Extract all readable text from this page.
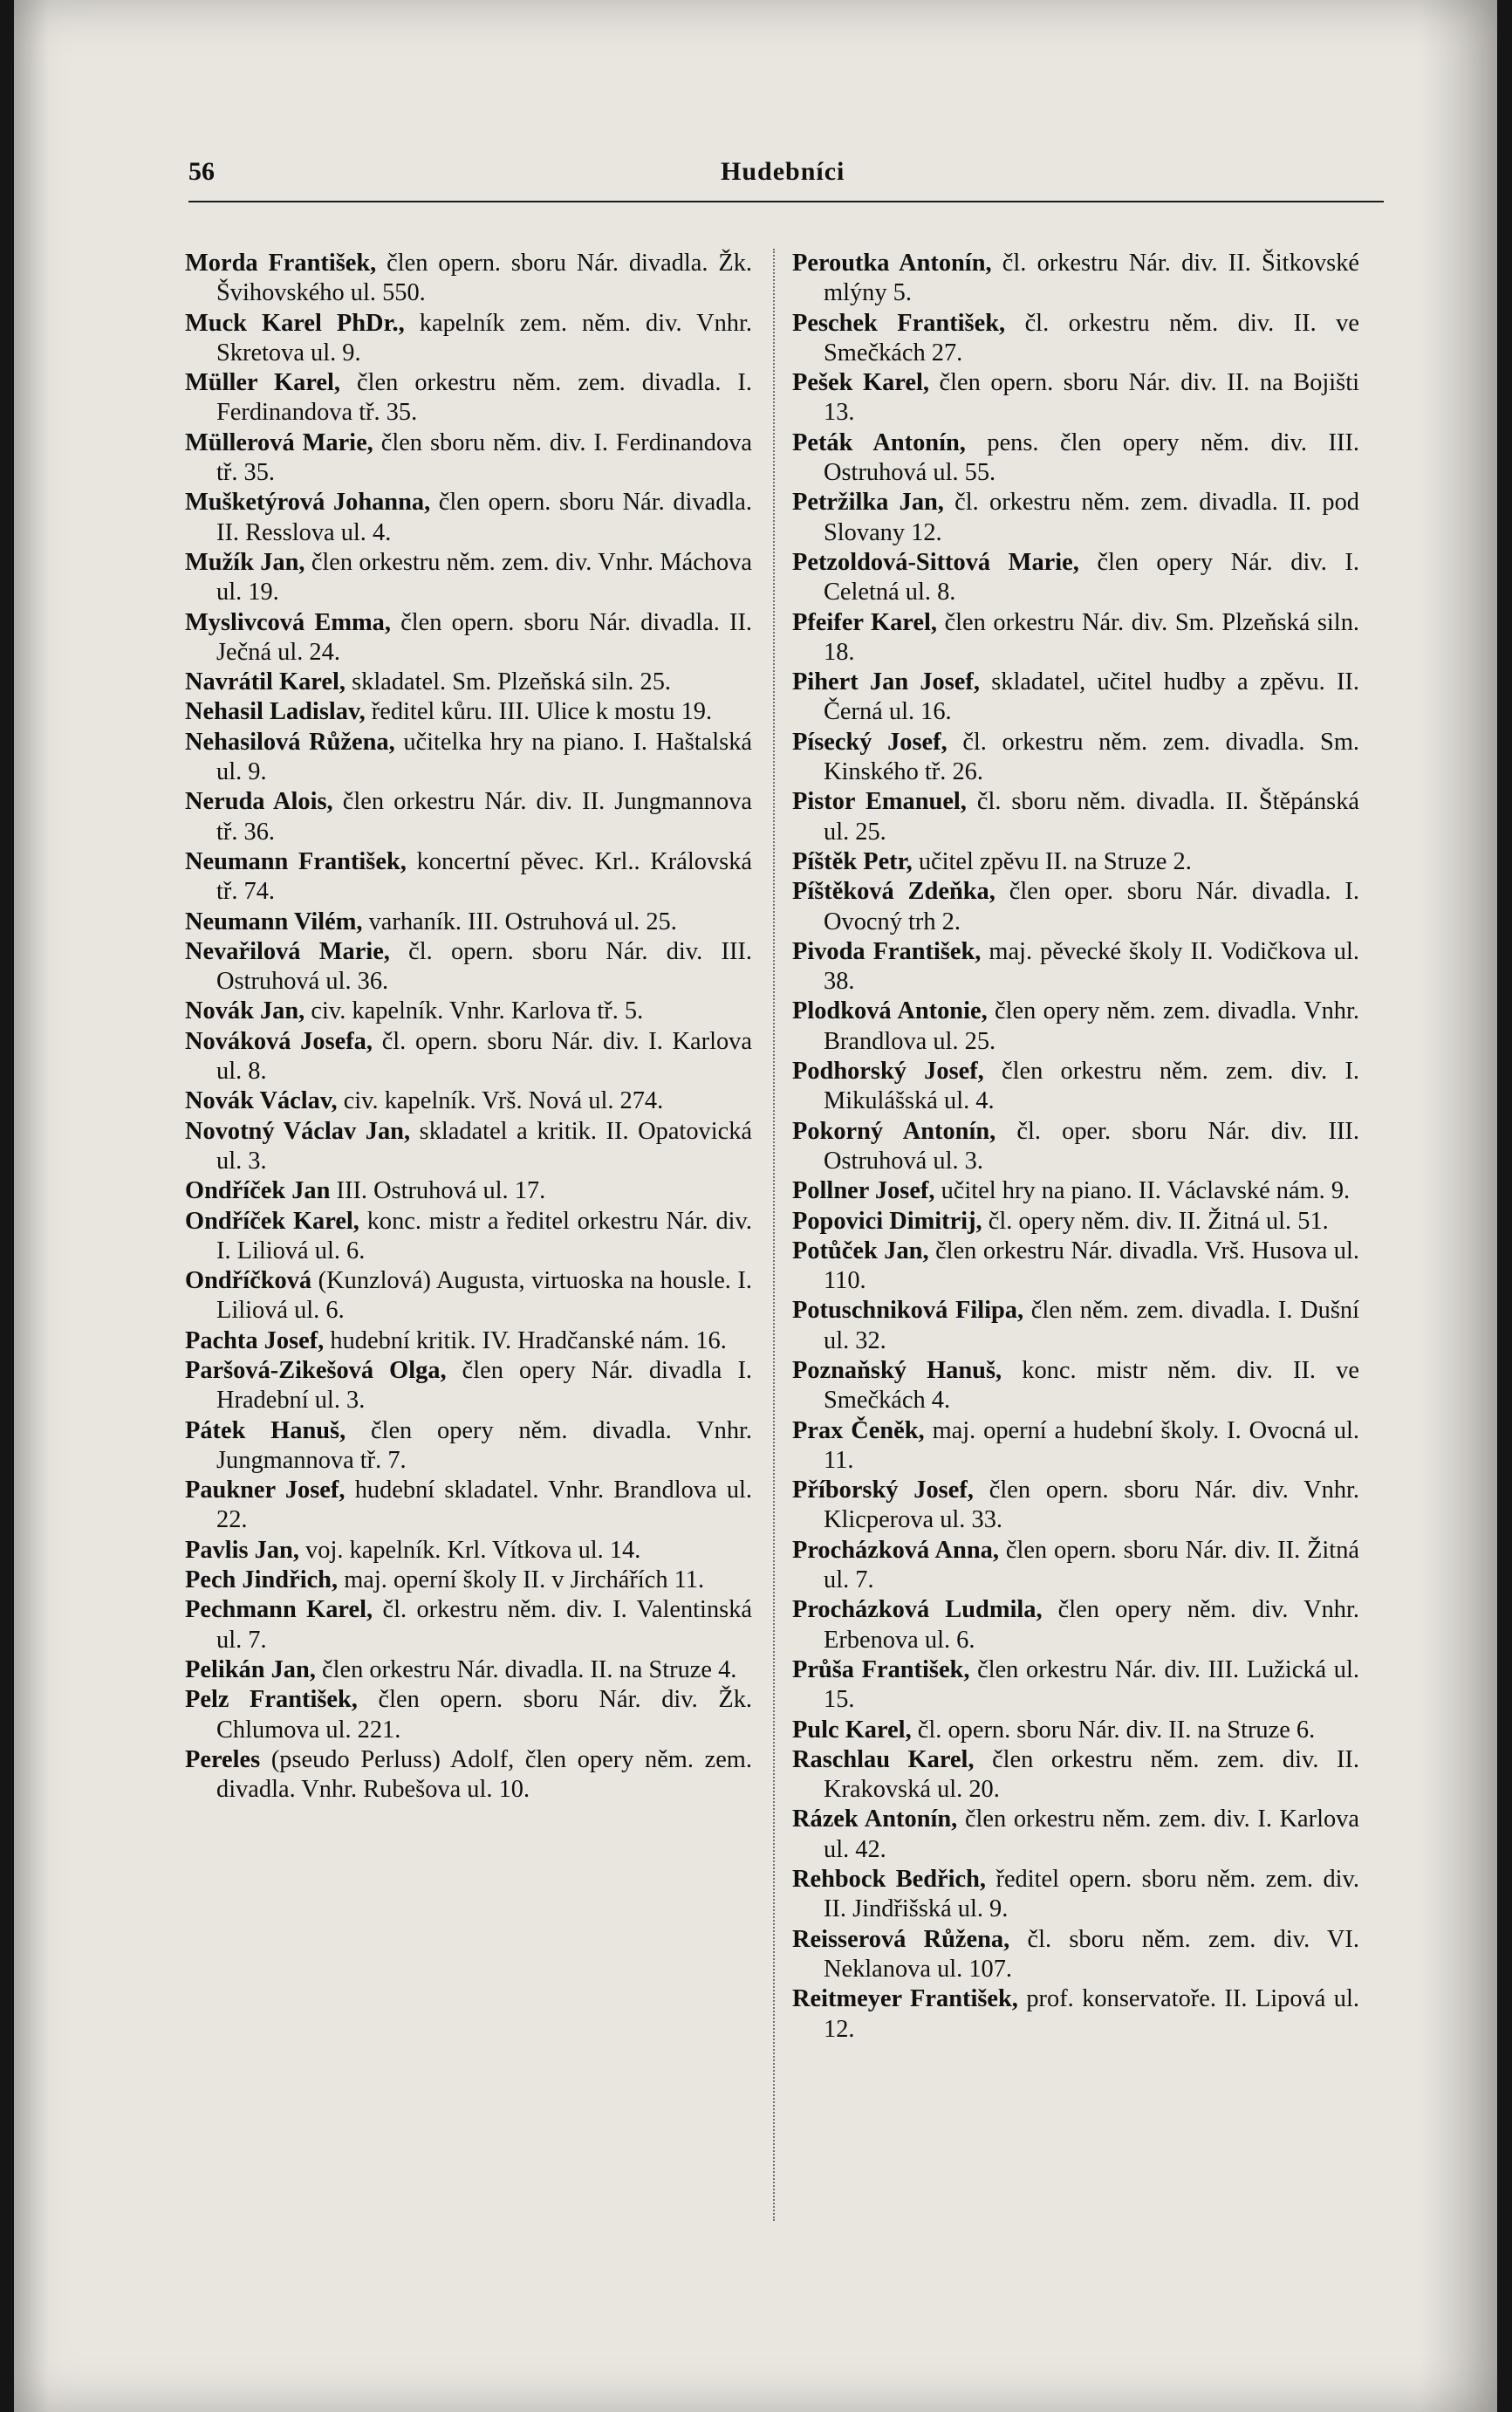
56	Hudebníci

Morda František, člen opern. sboru Nár. divadla. Žk. Švihovského ul. 550.

Muck Karel PhDr., kapelník zem. něm. div. Vnhr. Skretova ul. 9.

Müller Karel, člen orkestru něm. zem. divadla. I. Ferdinandova tř. 35.

Müllerová Marie, člen sboru něm. div. I. Ferdinandova tř. 35.

Mušketýrová Johanna, člen opern. sboru Nár. divadla. II. Resslova ul. 4.

Mužík Jan, člen orkestru něm. zem. div. Vnhr. Máchova ul. 19.

Myslivcová Emma, člen opern. sboru Nár. divadla. II. Ječná ul. 24.

Navrátil Karel, skladatel. Sm. Plzeňská siln. 25.

Nehasil Ladislav, ředitel kůru. III. Ulice k mostu 19.

Nehasilová Růžena, učitelka hry na piano. I. Haštalská ul. 9.

Neruda Alois, člen orkestru Nár. div. II. Jungmannova tř. 36.

Neumann František, koncertní pěvec. Krl.. Královská tř. 74.

Neumann Vilém, varhaník. III. Ostruhová ul. 25.

Nevařilová Marie, čl. opern. sboru Nár. div. III. Ostruhová ul. 36.

Novák Jan, civ. kapelník. Vnhr. Karlova tř. 5.

Nováková Josefa, čl. opern. sboru Nár. div. I. Karlova ul. 8.

Novák Václav, civ. kapelník. Vrš. Nová ul. 274.

Novotný Václav Jan, skladatel a kritik. II. Opatovická ul. 3.

Ondříček Jan III. Ostruhová ul. 17.

Ondříček Karel, konc. mistr a ředitel orkestru Nár. div. I. Liliová ul. 6.

Ondříčková (Kunzlová) Augusta, virtuoska na housle. I. Liliová ul. 6.

Pachta Josef, hudební kritik. IV. Hradčanské nám. 16.

Paršová-Zikešová Olga, člen opery Nár. divadla I. Hradební ul. 3.

Pátek Hanuš, člen opery něm. divadla. Vnhr. Jungmannova tř. 7.

Paukner Josef, hudební skladatel. Vnhr. Brandlova ul. 22.

Pavlis Jan, voj. kapelník. Krl. Vítkova ul. 14.

Pech Jindřich, maj. operní školy II. v Jirchářích 11.

Pechmann Karel, čl. orkestru něm. div. I. Valentinská ul. 7.

Pelikán Jan, člen orkestru Nár. divadla. II. na Struze 4.

Pelz František, člen opern. sboru Nár. div. Žk. Chlumova ul. 221.

Pereles (pseudo Perluss) Adolf, člen opery něm. zem. divadla. Vnhr. Rubešova ul. 10.

Peroutka Antonín, čl. orkestru Nár. div. II. Šitkovské mlýny 5.

Peschek František, čl. orkestru něm. div. II. ve Smečkách 27.

Pešek Karel, člen opern. sboru Nár. div. II. na Bojišti 13.

Peták Antonín, pens. člen opery něm. div. III. Ostruhová ul. 55.

Petržilka Jan, čl. orkestru něm. zem. divadla. II. pod Slovany 12.

Petzoldová-Sittová Marie, člen opery Nár. div. I. Celetná ul. 8.

Pfeifer Karel, člen orkestru Nár. div. Sm. Plzeňská siln. 18.

Pihert Jan Josef, skladatel, učitel hudby a zpěvu. II. Černá ul. 16.

Písecký Josef, čl. orkestru něm. zem. divadla. Sm. Kinského tř. 26.

Pistor Emanuel, čl. sboru něm. divadla. II. Štěpánská ul. 25.

Píštěk Petr, učitel zpěvu II. na Struze 2.

Píštěková Zdeňka, člen oper. sboru Nár. divadla. I. Ovocný trh 2.

Pivoda František, maj. pěvecké školy II. Vodičkova ul. 38.

Plodková Antonie, člen opery něm. zem. divadla. Vnhr. Brandlova ul. 25.

Podhorský Josef, člen orkestru něm. zem. div. I. Mikulášská ul. 4.

Pokorný Antonín, čl. oper. sboru Nár. div. III. Ostruhová ul. 3.

Pollner Josef, učitel hry na piano. II. Václavské nám. 9.

Popovici Dimitrij, čl. opery něm. div. II. Žitná ul. 51.

Potůček Jan, člen orkestru Nár. divadla. Vrš. Husova ul. 110.

Potuschniková Filipa, člen něm. zem. divadla. I. Dušní ul. 32.

Poznaňský Hanuš, konc. mistr něm. div. II. ve Smečkách 4.

Prax Čeněk, maj. operní a hudební školy. I. Ovocná ul. 11.

Příborský Josef, člen opern. sboru Nár. div. Vnhr. Klicperova ul. 33.

Procházková Anna, člen opern. sboru Nár. div. II. Žitná ul. 7.

Procházková Ludmila, člen opery něm. div. Vnhr. Erbenova ul. 6.

Průša František, člen orkestru Nár. div. III. Lužická ul. 15.

Pulc Karel, čl. opern. sboru Nár. div. II. na Struze 6.

Raschlau Karel, člen orkestru něm. zem. div. II. Krakovská ul. 20.

Rázek Antonín, člen orkestru něm. zem. div. I. Karlova ul. 42.

Rehbock Bedřich, ředitel opern. sboru něm. zem. div. II. Jindřišská ul. 9.

Reisserová Růžena, čl. sboru něm. zem. div. VI. Neklanova ul. 107.

Reitmeyer František, prof. konservatoře. II. Lipová ul. 12.
